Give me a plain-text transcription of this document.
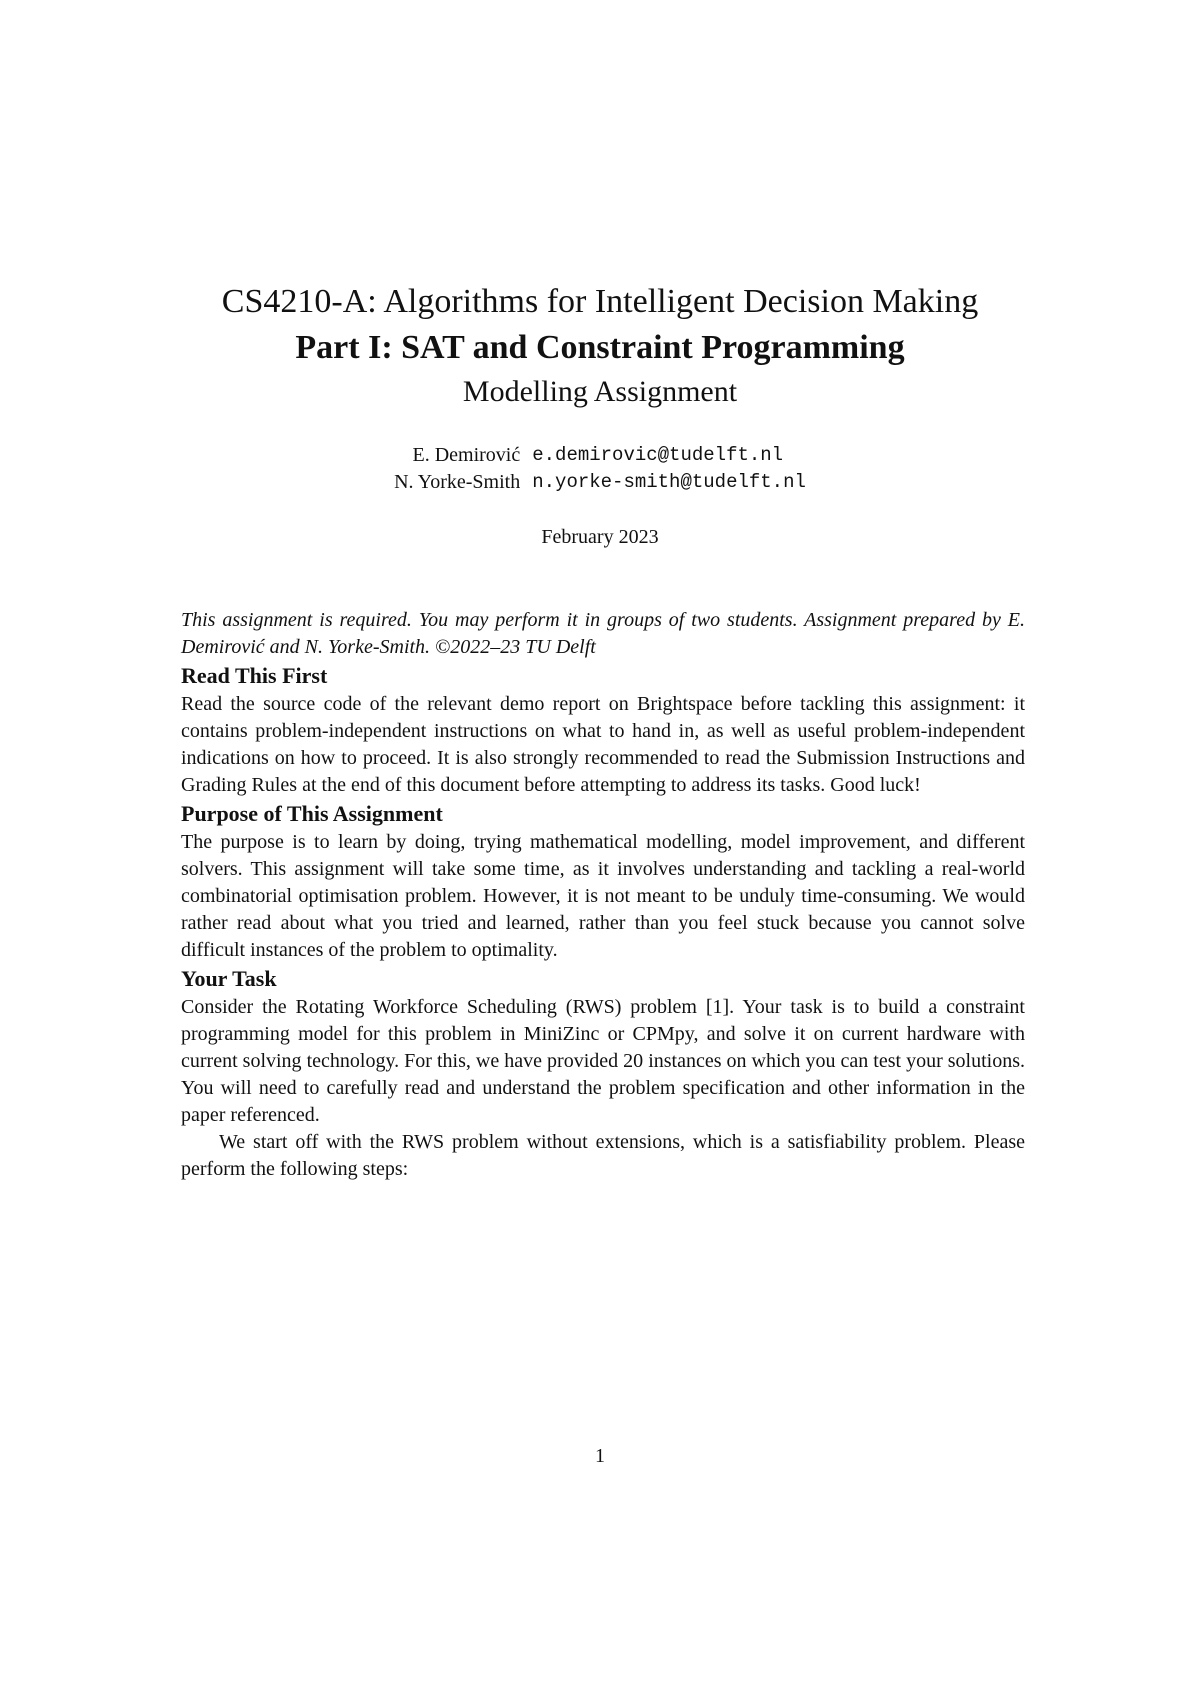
CS4210-A: Algorithms for Intelligent Decision Making
Part I: SAT and Constraint Programming
Modelling Assignment
E. Demirović	e.demirovic@tudelft.nl
N. Yorke-Smith	n.yorke-smith@tudelft.nl
February 2023

This assignment is required. You may perform it in groups of two students. Assignment prepared by E. Demirović and N. Yorke-Smith. ©2022–23 TU Delft

Read This First

Read the source code of the relevant demo report on Brightspace before tackling this assignment: it contains problem-independent instructions on what to hand in, as well as useful problem-independent indications on how to proceed. It is also strongly recommended to read the Submission Instructions and Grading Rules at the end of this document before attempting to address its tasks. Good luck!

Purpose of This Assignment

The purpose is to learn by doing, trying mathematical modelling, model improvement, and different solvers. This assignment will take some time, as it involves understanding and tackling a real-world combinatorial optimisation problem. However, it is not meant to be unduly time-consuming. We would rather read about what you tried and learned, rather than you feel stuck because you cannot solve difficult instances of the problem to optimality.

Your Task

Consider the Rotating Workforce Scheduling (RWS) problem [1]. Your task is to build a constraint programming model for this problem in MiniZinc or CPMpy, and solve it on current hardware with current solving technology. For this, we have provided 20 instances on which you can test your solutions. You will need to carefully read and understand the problem specification and other information in the paper referenced.

We start off with the RWS problem without extensions, which is a satisfiability problem. Please perform the following steps:

1
